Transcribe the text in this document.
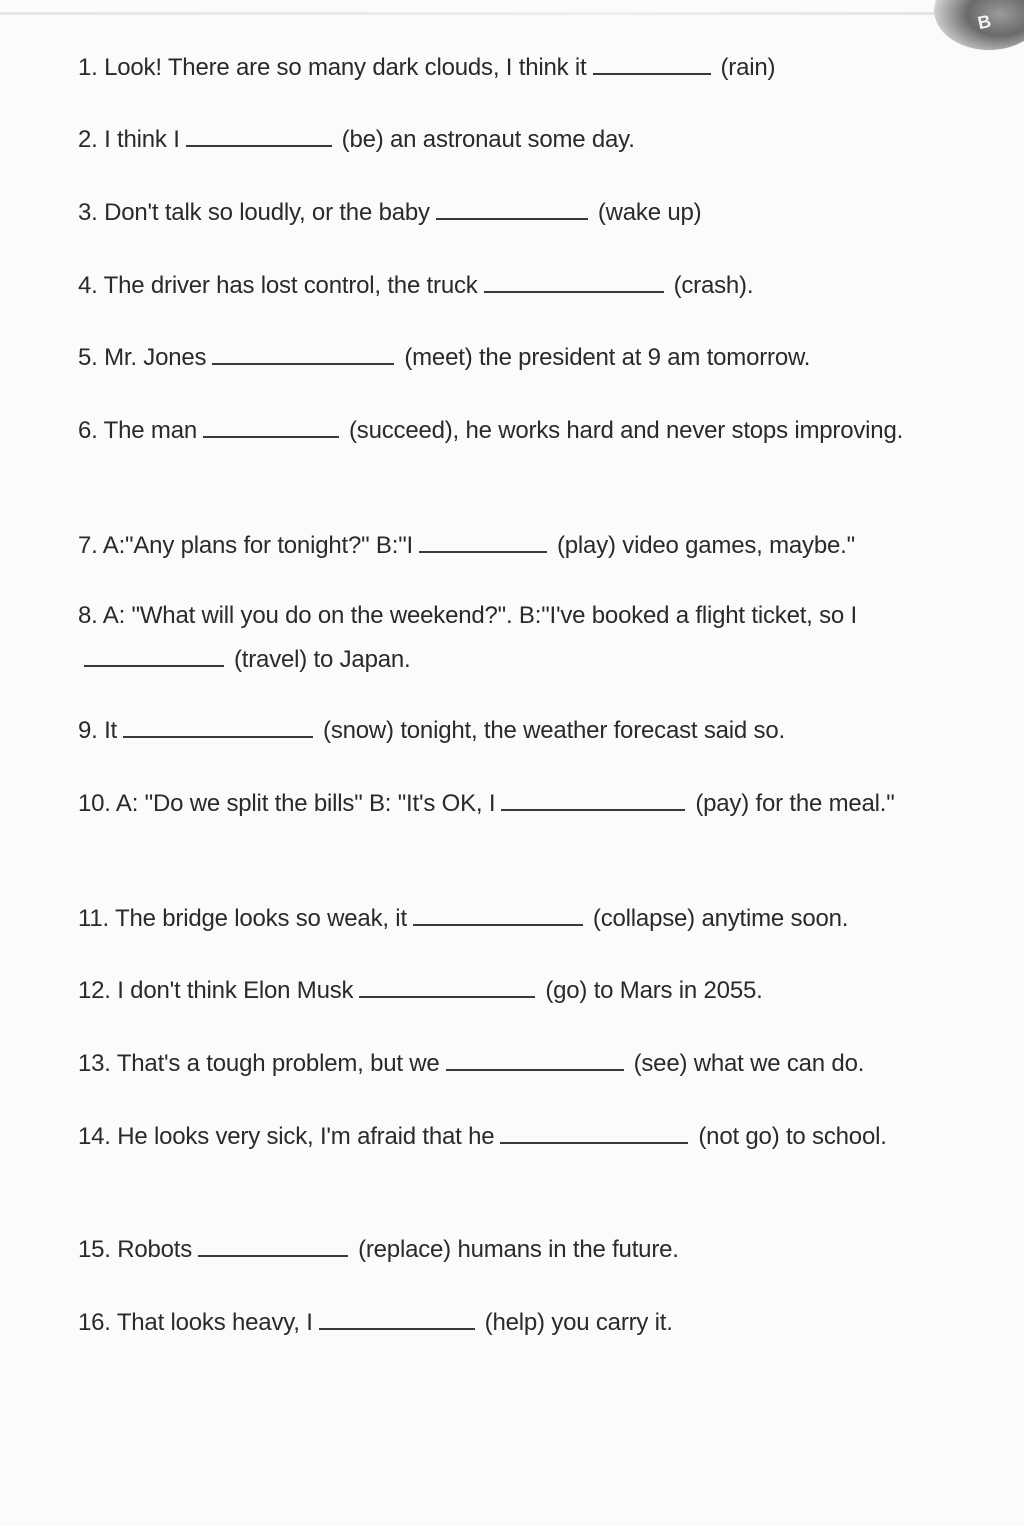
B
1. Look! There are so many dark clouds, I think it	(rain)
2. I think I	(be) an astronaut some day.
3. Don't talk so loudly, or the baby	(wake up)
4. The driver has lost control, the truck	(crash).
5. Mr. Jones	(meet) the president at 9 am tomorrow.
6. The man	(succeed), he works hard and never stops improving.
7. A:"Any plans for tonight?" B:"I	(play) video games, maybe."
8. A: "What will you do on the weekend?". B:"I've booked a flight ticket, so I(travel) to Japan.
9. It	(snow) tonight, the weather forecast said so.
10. A: "Do we split the bills" B: "It's OK, I	(pay) for the meal."
11. The bridge looks so weak, it	(collapse) anytime soon.
12. I don't think Elon Musk	(go) to Mars in 2055.
13. That's a tough problem, but we	(see) what we can do.
14. He looks very sick, I'm afraid that he	(not go) to school.
15. Robots	(replace) humans in the future.
16. That looks heavy, I	(help) you carry it.
